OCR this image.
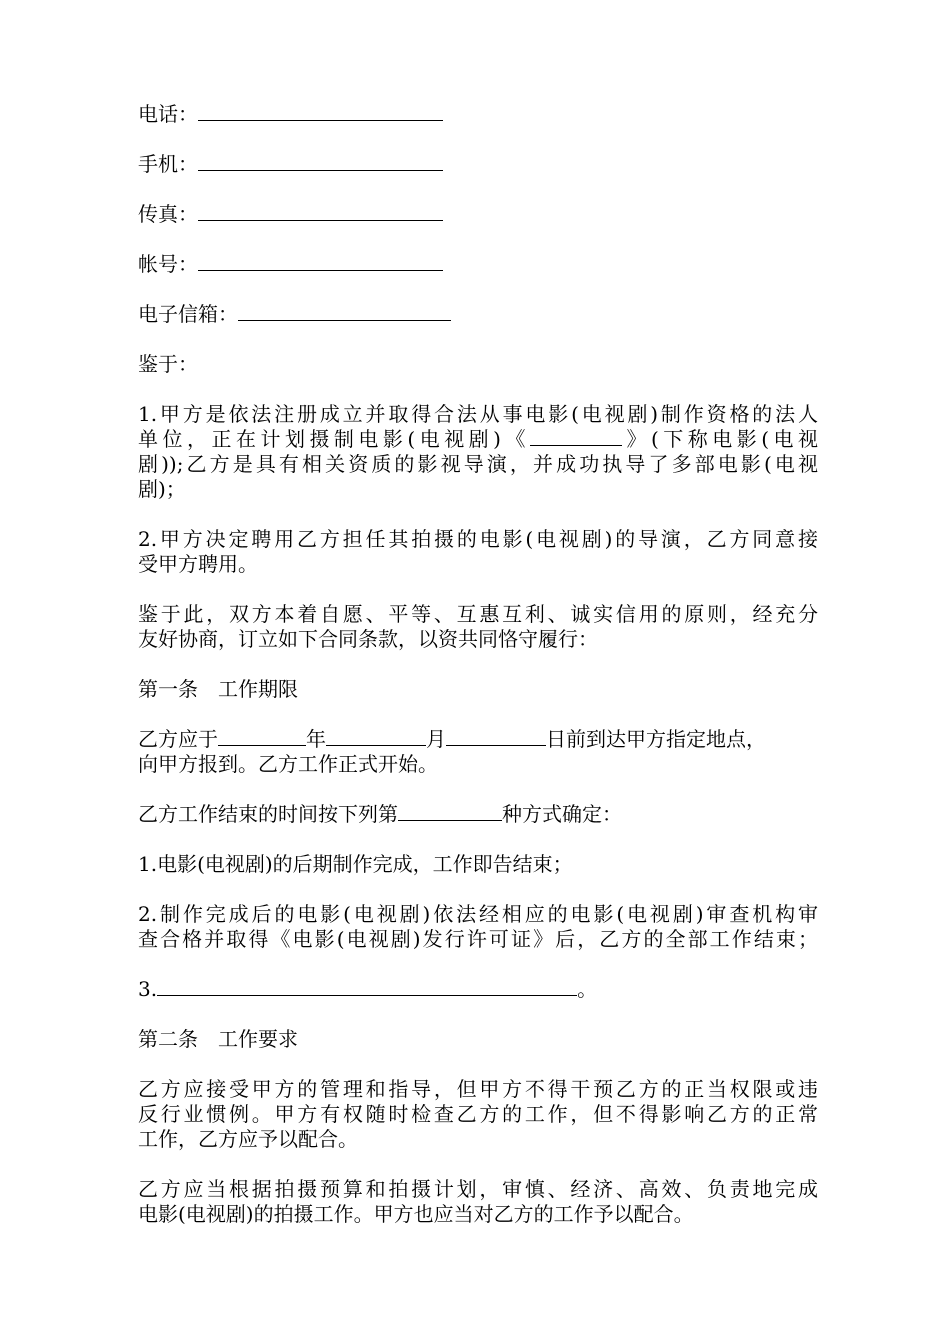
电话：
手机：
传真：
帐号：
电子信箱：
鉴于：
1.甲方是依法注册成立并取得合法从事电影(电视剧)制作资格的法人
单位，正在计划摄制电影(电视剧)《	》(下称电影(电视
剧));乙方是具有相关资质的影视导演，并成功执导了多部电影(电视
剧)；
2.甲方决定聘用乙方担任其拍摄的电影(电视剧)的导演，乙方同意接
受甲方聘用。
鉴于此，双方本着自愿、平等、互惠互利、诚实信用的原则，经充分
友好协商，订立如下合同条款，以资共同恪守履行：
第一条　工作期限
乙方应于	年	月	日前到达甲方指定地点，
向甲方报到。乙方工作正式开始。
乙方工作结束的时间按下列第	种方式确定：
1.电影(电视剧)的后期制作完成，工作即告结束；
2.制作完成后的电影(电视剧)依法经相应的电影(电视剧)审查机构审
查合格并取得《电影(电视剧)发行许可证》后，乙方的全部工作结束；
3.	。
第二条　工作要求
乙方应接受甲方的管理和指导，但甲方不得干预乙方的正当权限或违
反行业惯例。甲方有权随时检查乙方的工作，但不得影响乙方的正常
工作，乙方应予以配合。
乙方应当根据拍摄预算和拍摄计划，审慎、经济、高效、负责地完成
电影(电视剧)的拍摄工作。甲方也应当对乙方的工作予以配合。
